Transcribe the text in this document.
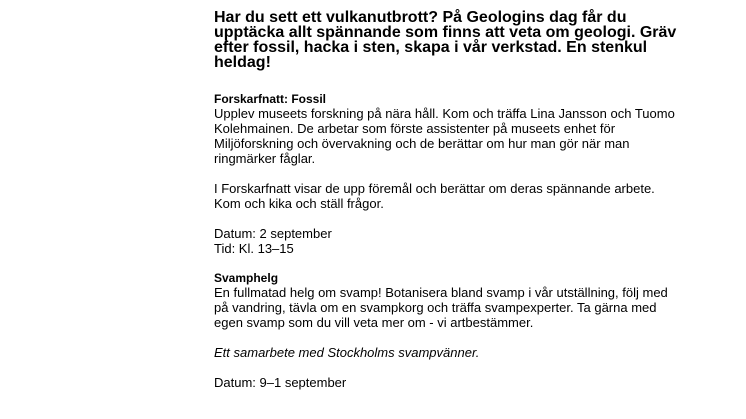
Har du sett ett vulkanutbrott? På Geologins dag får du upptäcka allt spännande som finns att veta om geologi. Gräv efter fossil, hacka i sten, skapa i vår verkstad. En stenkul heldag!

Forskarfnatt: Fossil

Upplev museets forskning på nära håll. Kom och träffa Lina Jansson och Tuomo Kolehmainen. De arbetar som förste assistenter på museets enhet för Miljöforskning och övervakning och de berättar om hur man gör när man ringmärker fåglar.

I Forskarfnatt visar de upp föremål och berättar om deras spännande arbete. Kom och kika och ställ frågor.

Datum: 2 september

Tid: Kl. 13–15

Svamphelg

En fullmatad helg om svamp! Botanisera bland svamp i vår utställning, följ med på vandring, tävla om en svampkorg och träffa svampexperter. Ta gärna med egen svamp som du vill veta mer om - vi artbestämmer.

Ett samarbete med Stockholms svampvänner.

Datum: 9–1 september
